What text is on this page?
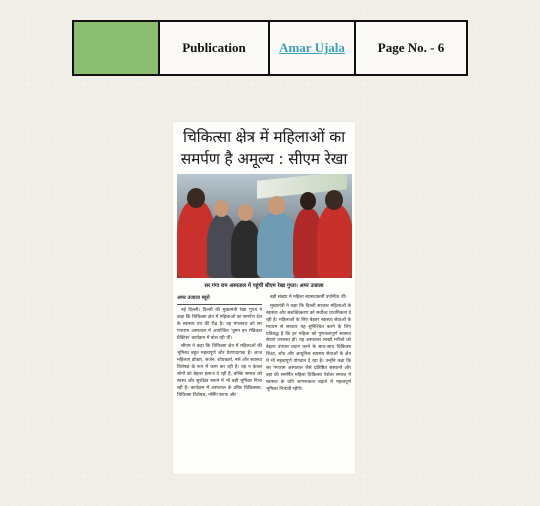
Publication	Amar Ujala	Page No. - 6
चिकित्सा क्षेत्र में महिलाओं का समर्पण है अमूल्य : सीएम रेखा
सर गंगा राम अस्पताल में पहुंचीं सीएम रेखा गुप्ता। अमर उजाला
अमर उजाला ब्यूरो
नई दिल्ली। दिल्ली की मुख्यमंत्री रेखा गुप्ता ने कहा कि चिकित्सा क्षेत्र में महिलाओं का समर्पण देश के स्वास्थ्य तंत्र की रीढ़ है। वह मंगलवार को सर गंगाराम अस्पताल में आयोजित 'वूमन इन मेडिकल प्रैक्टिस' कार्यक्रम में बोल रही थीं।
सीएम ने कहा कि चिकित्सा क्षेत्र में महिलाओं की भूमिका बहुत महत्वपूर्ण और प्रेरणादायक है। आज महिलाएं डॉक्टर, सर्जन, शोधकर्ता, नर्स और स्वास्थ्य विशेषज्ञ के रूप में काम कर रही हैं। वह न केवल लोगों को बेहतर इलाज दे रही हैं, बल्कि समाज को स्वस्थ और सुरक्षित बनाने में भी बड़ी भूमिका निभा रही हैं। कार्यक्रम में अस्पताल के वरिष्ठ चिकित्सक, चिकित्सा विशेषज्ञ, नर्सिंग स्टाफ और
बड़ी संख्या में महिला स्वास्थ्यकर्मी उपस्थित थीं।
मुख्यमंत्री ने कहा कि दिल्ली सरकार महिलाओं के स्वास्थ्य और सशक्तिकरण को सर्वोच्च प्राथमिकता दे रही है। महिलाओं के लिए बेहतर स्वास्थ्य सेवाओं के माध्यम से सरकार यह सुनिश्चित करने के लिए प्रतिबद्ध है कि हर महिला को गुणवत्तापूर्ण स्वास्थ्य सेवाएं उपलब्ध हों। यह अस्पताल लाखों मरीजों को बेहतर उपचार प्रदान करने के साथ-साथ चिकित्सा शिक्षा, शोध और आधुनिक स्वास्थ्य सेवाओं के क्षेत्र में भी महत्वपूर्ण योगदान दे रहा है। उन्होंने कहा कि सर गंगाराम अस्पताल जैसे प्रतिष्ठित संस्थानों और वहां की समर्पित महिला चिकित्सा पेशेवर समाज में स्वास्थ्य के प्रति जागरूकता बढ़ाने में महत्वपूर्ण भूमिका निभाती रहेंगी।
